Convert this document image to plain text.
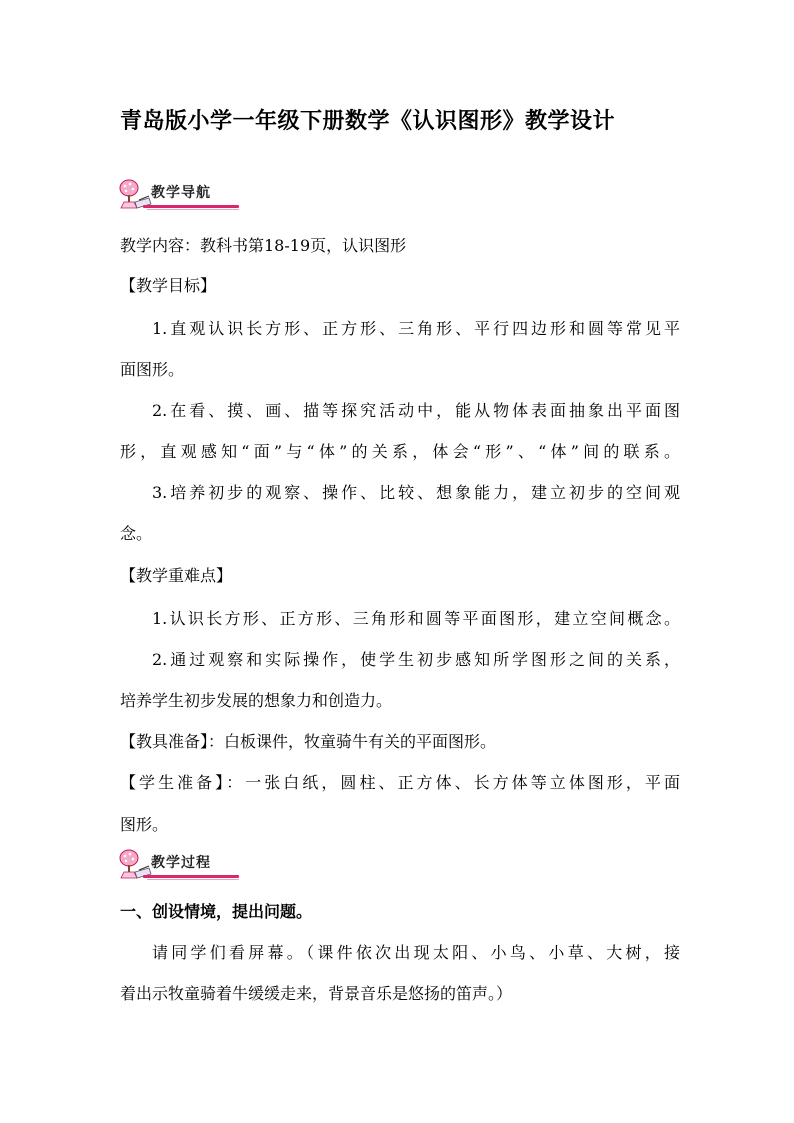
青岛版小学一年级下册数学《认识图形》教学设计
教学导航
教学内容：教科书第18-19页，认识图形
【教学目标】
1.直观认识长方形、正方形、三角形、平行四边形和圆等常见平
面图形。
2.在看、摸、画、描等探究活动中，能从物体表面抽象出平面图
形，直观感知“面”与“体”的关系，体会“形”、“体”间的联系。
3.培养初步的观察、操作、比较、想象能力，建立初步的空间观
念。
【教学重难点】
1.认识长方形、正方形、三角形和圆等平面图形，建立空间概念。
2.通过观察和实际操作，使学生初步感知所学图形之间的关系，
培养学生初步发展的想象力和创造力。
【教具准备】：白板课件，牧童骑牛有关的平面图形。
【学生准备】：一张白纸，圆柱、正方体、长方体等立体图形，平面
图形。
教学过程
一、创设情境，提出问题。
请同学们看屏幕。（课件依次出现太阳、小鸟、小草、大树，接
着出示牧童骑着牛缓缓走来，背景音乐是悠扬的笛声。）
